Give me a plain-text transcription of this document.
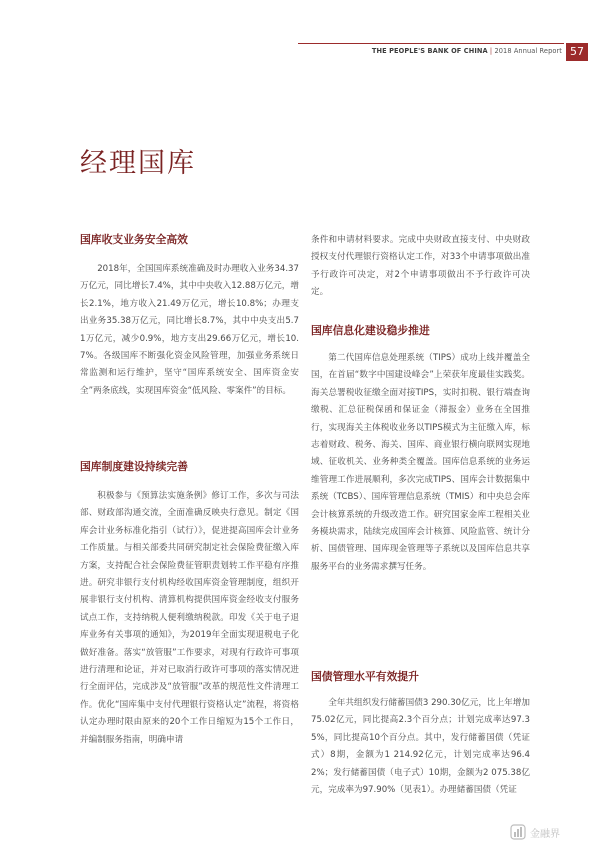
THE PEOPLE'S BANK OF CHINA | 2018 Annual Report 57
经理国库
国库收支业务安全高效
2018年，全国国库系统准确及时办理收入业务34.37万亿元，同比增长7.4%，其中中央收入12.88万亿元，增长2.1%，地方收入21.49万亿元，增长10.8%；办理支出业务35.38万亿元，同比增长8.7%，其中中央支出5.71万亿元，减少0.9%，地方支出29.66万亿元，增长10.7%。各级国库不断强化资金风险管理，加强业务系统日常监测和运行维护，坚守“国库系统安全、国库资金安全”两条底线，实现国库资金“低风险、零案件”的目标。
国库制度建设持续完善
积极参与《预算法实施条例》修订工作，多次与司法部、财政部沟通交流，全面准确反映央行意见。制定《国库会计业务标准化指引（试行）》，促进提高国库会计业务工作质量。与相关部委共同研究制定社会保险费征缴入库方案，支持配合社会保险费征管职责划转工作平稳有序推进。研究非银行支付机构经收国库资金管理制度，组织开展非银行支付机构、清算机构提供国库资金经收支付服务试点工作，支持纳税人便利缴纳税款。印发《关于电子退库业务有关事项的通知》，为2019年全面实现退税电子化做好准备。落实“放管服”工作要求，对现有行政许可事项进行清理和论证，并对已取消行政许可事项的落实情况进行全面评估，完成涉及“放管服”改革的规范性文件清理工作。优化“国库集中支付代理银行资格认定”流程，将资格认定办理时限由原来的20个工作日缩短为15个工作日，并编制服务指南，明确申请
条件和申请材料要求。完成中央财政直接支付、中央财政授权支付代理银行资格认定工作，对33个申请事项做出准予行政许可决定，对2个申请事项做出不予行政许可决定。
国库信息化建设稳步推进
第二代国库信息处理系统（TIPS）成功上线并覆盖全国，在首届“数字中国建设峰会”上荣获年度最佳实践奖。海关总署税收征缴全面对接TIPS，实时扣税、银行端查询缴税、汇总征税保函和保证金（滞报金）业务在全国推行，实现海关主体税收业务以TIPS模式为主征缴入库，标志着财政、税务、海关、国库、商业银行横向联网实现地域、征收机关、业务种类全覆盖。国库信息系统的业务运维管理工作进展顺利，多次完成TIPS、国库会计数据集中系统（TCBS）、国库管理信息系统（TMIS）和中央总会库会计核算系统的升级改造工作。研究国家金库工程相关业务模块需求，陆续完成国库会计核算、风险监管、统计分析、国债管理、国库现金管理等子系统以及国库信息共享服务平台的业务需求撰写任务。
国债管理水平有效提升
全年共组织发行储蓄国债3 290.30亿元，比上年增加75.02亿元，同比提高2.3个百分点；计划完成率达97.35%，同比提高10个百分点。其中，发行储蓄国债（凭证式）8期，金额为1 214.92亿元，计划完成率达96.42%；发行储蓄国债（电子式）10期，金额为2 075.38亿元，完成率为97.90%（见表1）。办理储蓄国债（凭证
金融界
